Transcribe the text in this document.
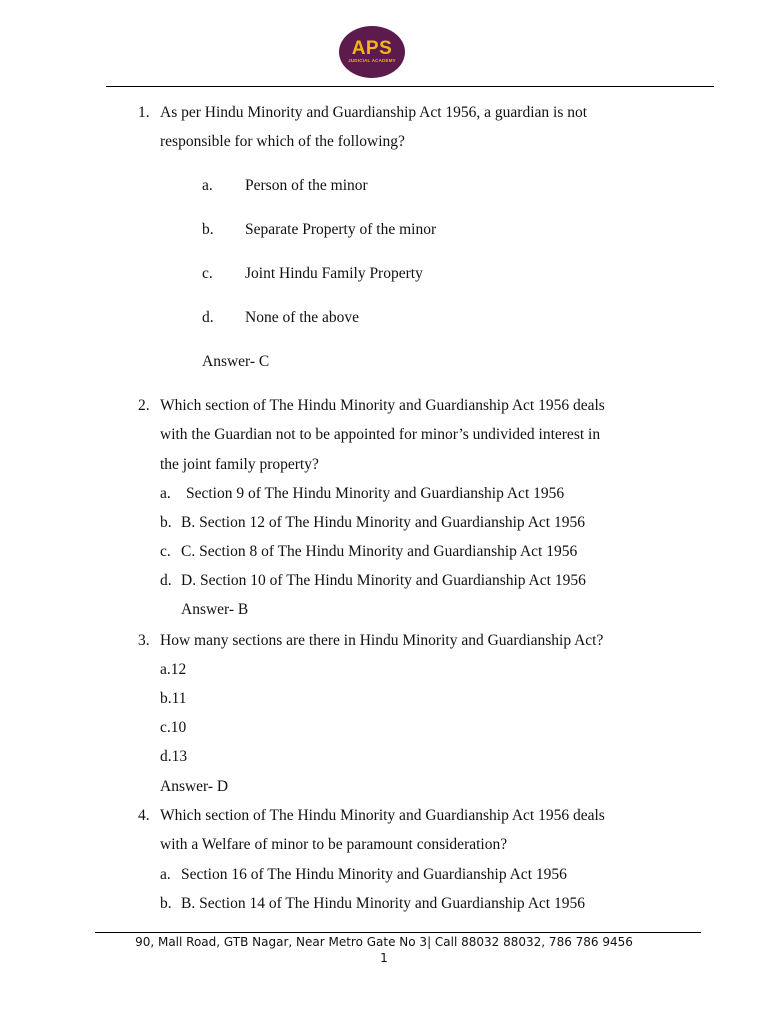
APS
JUDICIAL ACADEMY
1. As per Hindu Minority and Guardianship Act 1956, a guardian is not
responsible for which of the following?
a. Person of the minor
b. Separate Property of the minor
c. Joint Hindu Family Property
d. None of the above
Answer- C
2. Which section of The Hindu Minority and Guardianship Act 1956 deals
with the Guardian not to be appointed for minor’s undivided interest in
the joint family property?
a. Section 9 of The Hindu Minority and Guardianship Act 1956
b. B. Section 12 of The Hindu Minority and Guardianship Act 1956
c. C. Section 8 of The Hindu Minority and Guardianship Act 1956
d. D. Section 10 of The Hindu Minority and Guardianship Act 1956
Answer- B
3. How many sections are there in Hindu Minority and Guardianship Act?
a.12
b.11
c.10
d.13
Answer- D
4. Which section of The Hindu Minority and Guardianship Act 1956 deals
with a Welfare of minor to be paramount consideration?
a. Section 16 of The Hindu Minority and Guardianship Act 1956
b. B. Section 14 of The Hindu Minority and Guardianship Act 1956
90, Mall Road, GTB Nagar, Near Metro Gate No 3| Call 88032 88032, 786 786 9456
1
